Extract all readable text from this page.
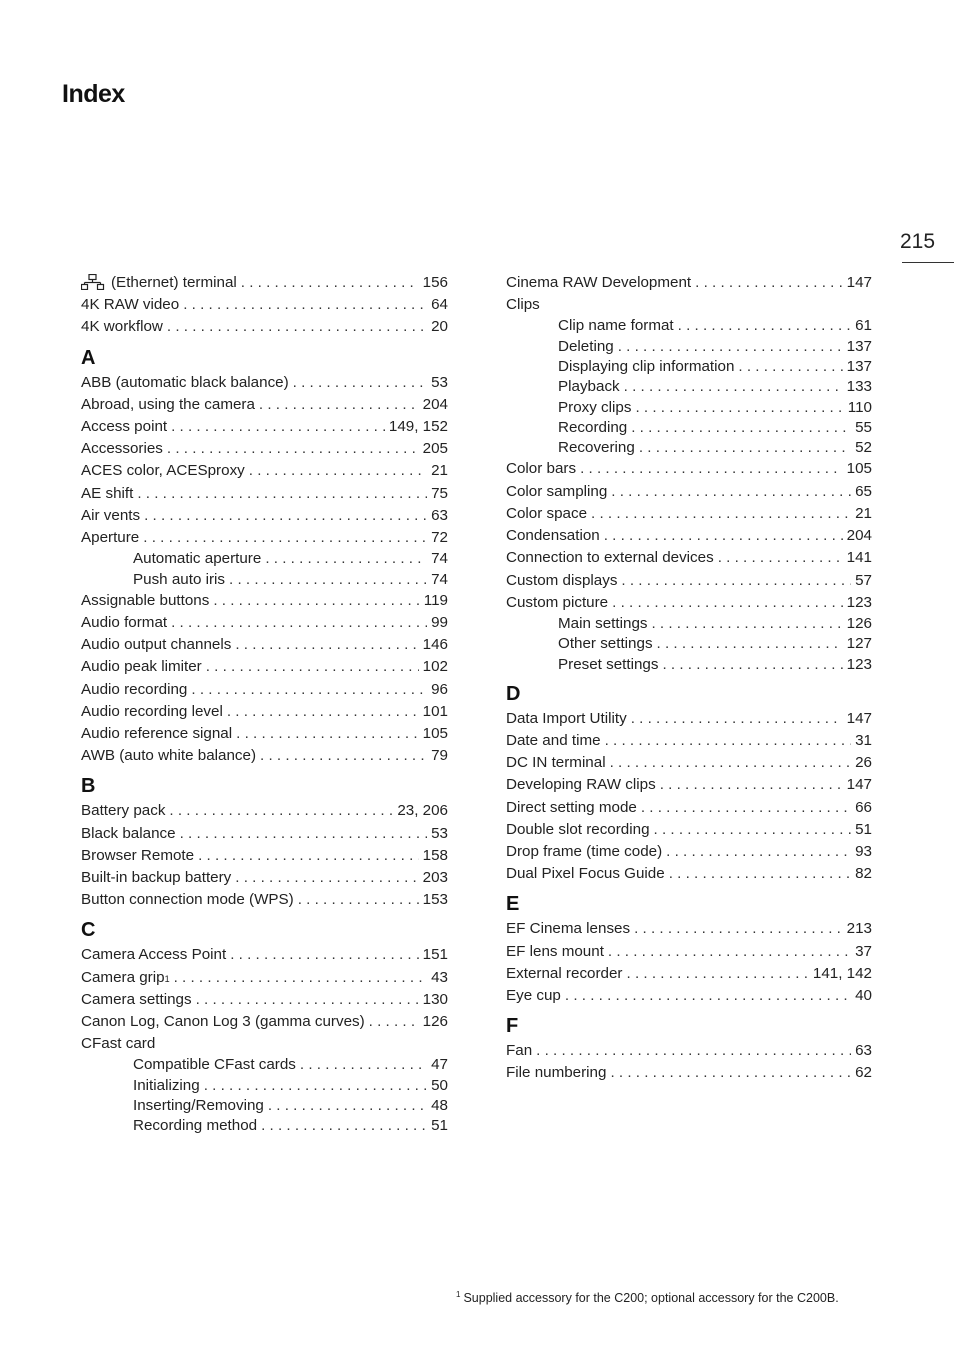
Index
215
(Ethernet) terminal . . .	156
4K RAW video . . .	64
4K workflow . . .	20
A
ABB (automatic black balance) . . .	53
Abroad, using the camera . . .	204
Access point . . .	149, 152
Accessories . . .	205
ACES color, ACESproxy . . .	21
AE shift . . .	75
Air vents . . .	63
Aperture . . .	72
Automatic aperture . . .	74
Push auto iris . . .	74
Assignable buttons . . .	119
Audio format . . .	99
Audio output channels . . .	146
Audio peak limiter . . .	102
Audio recording . . .	96
Audio recording level . . .	101
Audio reference signal . . .	105
AWB (auto white balance) . . .	79
B
Battery pack . . .	23, 206
Black balance . . .	53
Browser Remote . . .	158
Built-in backup battery . . .	203
Button connection mode (WPS) . . .	153
C
Camera Access Point . . .	151
Camera grip 1 . . .	43
Camera settings . . .	130
Canon Log, Canon Log 3 (gamma curves) . . .	126
CFast card
Compatible CFast cards . . .	47
Initializing . . .	50
Inserting/Removing . . .	48
Recording method . . .	51
Cinema RAW Development . . .	147
Clips
Clip name format . . .	61
Deleting . . .	137
Displaying clip information . . .	137
Playback . . .	133
Proxy clips . . .	110
Recording . . .	55
Recovering . . .	52
Color bars . . .	105
Color sampling . . .	65
Color space . . .	21
Condensation . . .	204
Connection to external devices . . .	141
Custom displays . . .	57
Custom picture . . .	123
Main settings . . .	126
Other settings . . .	127
Preset settings . . .	123
D
Data Import Utility . . .	147
Date and time . . .	31
DC IN terminal . . .	26
Developing RAW clips . . .	147
Direct setting mode . . .	66
Double slot recording . . .	51
Drop frame (time code) . . .	93
Dual Pixel Focus Guide . . .	82
E
EF Cinema lenses . . .	213
EF lens mount . . .	37
External recorder . . .	141, 142
Eye cup . . .	40
F
Fan . . .	63
File numbering . . .	62
$^1$ Supplied accessory for the C200; optional accessory for the C200B.
